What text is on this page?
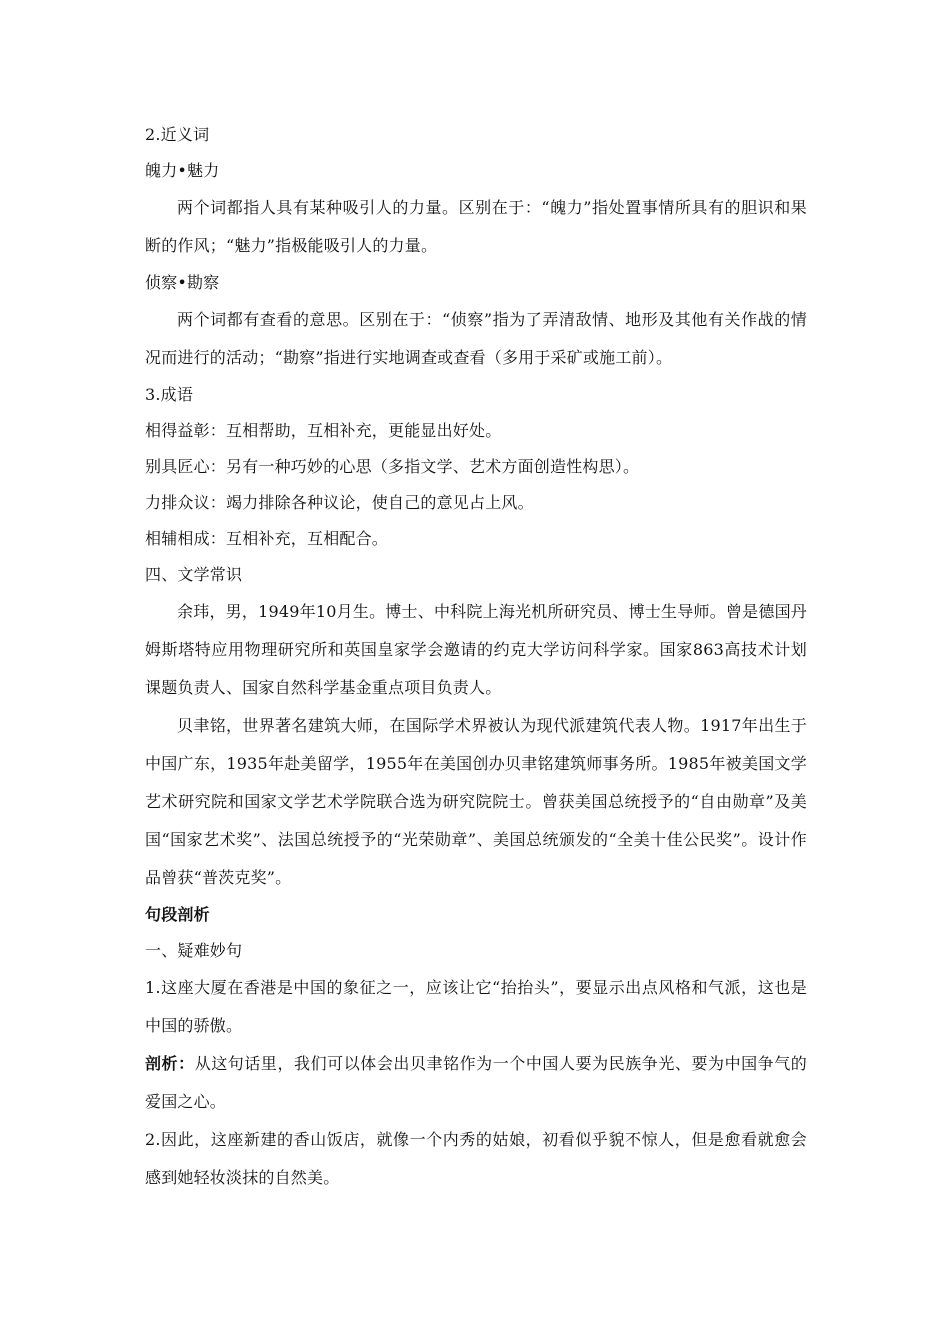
2.近义词
魄力•魅力
两个词都指人具有某种吸引人的力量。区别在于：“魄力”指处置事情所具有的胆识和果断的作风；“魅力”指极能吸引人的力量。
侦察•勘察
两个词都有查看的意思。区别在于：“侦察”指为了弄清敌情、地形及其他有关作战的情况而进行的活动；“勘察”指进行实地调查或查看（多用于采矿或施工前）。
3.成语
相得益彰：互相帮助，互相补充，更能显出好处。
别具匠心：另有一种巧妙的心思（多指文学、艺术方面创造性构思）。
力排众议：竭力排除各种议论，使自己的意见占上风。
相辅相成：互相补充，互相配合。
四、文学常识
余玮，男，1949年10月生。博士、中科院上海光机所研究员、博士生导师。曾是德国丹姆斯塔特应用物理研究所和英国皇家学会邀请的约克大学访问科学家。国家863高技术计划课题负责人、国家自然科学基金重点项目负责人。
贝聿铭，世界著名建筑大师，在国际学术界被认为现代派建筑代表人物。1917年出生于中国广东，1935年赴美留学，1955年在美国创办贝聿铭建筑师事务所。1985年被美国文学艺术研究院和国家文学艺术学院联合选为研究院院士。曾获美国总统授予的“自由勋章”及美国“国家艺术奖”、法国总统授予的“光荣勋章”、美国总统颁发的“全美十佳公民奖”。设计作品曾获“普茨克奖”。
句段剖析
一、疑难妙句
1.这座大厦在香港是中国的象征之一，应该让它“抬抬头”，要显示出点风格和气派，这也是中国的骄傲。
剖析：从这句话里，我们可以体会出贝聿铭作为一个中国人要为民族争光、要为中国争气的爱国之心。
2.因此，这座新建的香山饭店，就像一个内秀的姑娘，初看似乎貌不惊人，但是愈看就愈会感到她轻妆淡抹的自然美。
